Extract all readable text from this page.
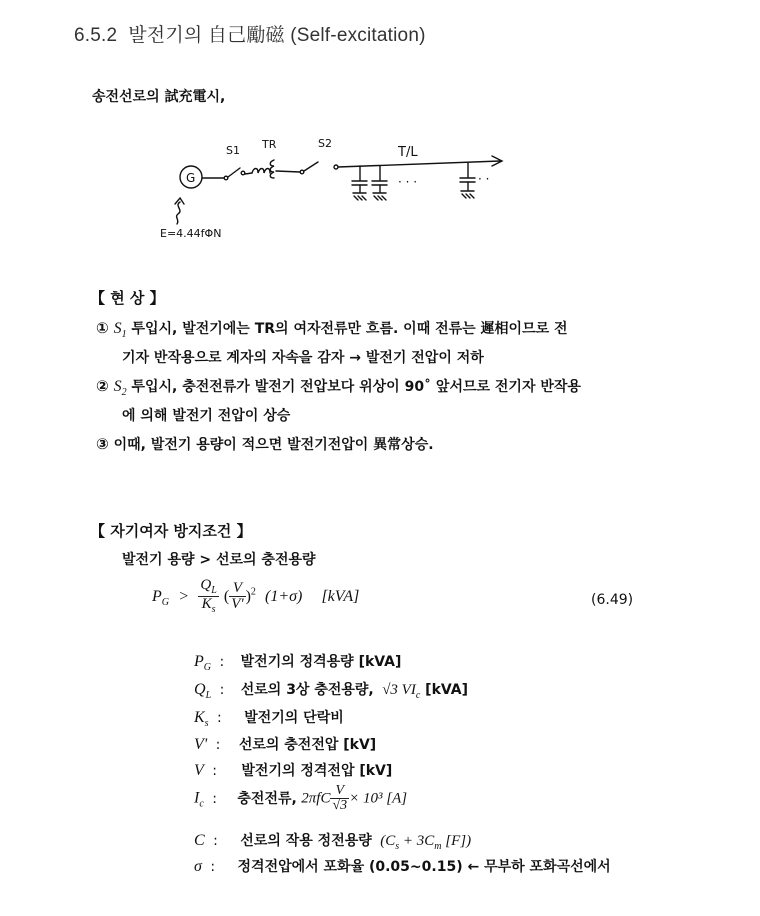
6.5.2 발전기의 自己勵磁 (Self-excitation)
송전선로의 試充電시,
S1 TR	S2
T/L
G
E=4.44fΦN
· · ·	· ·
【 현 상 】
① $S_1$ 투입시, 발전기에는 TR의 여자전류만 흐름. 이때 전류는 遲相이므로 전
기자 반작용으로 계자의 자속을 감자 → 발전기 전압이 저하
② $S_2$ 투입시, 충전전류가 발전기 전압보다 위상이 90˚ 앞서므로 전기자 반작용
에 의해 발전기 전압이 상승
③ 이때, 발전기 용량이 적으면 발전기전압이 異常상승.
【 자기여자 방지조건 】
발전기 용량 > 선로의 충전용량
$P_G > \frac{Q_L}{K_s}$ ( $\frac{V}{V'} )^2$ (1+σ) [kVA]	(6.49)
$P_G$ : 발전기의 정격용량 [kVA]
$Q_L$ : 선로의 3상 충전용량, √3 $VI_c$ [kVA]
$K_s$ : 발전기의 단락비
V' : 선로의 충전전압 [kV]
V : 발전기의 정격전압 [kV]
$I_c$ : 충전전류, $2\pi fC \frac{V}{√3} \times 10^3$ [A]
C : 선로의 작용 정전용량 ($C_s + 3C_m$ [F])
σ : 정격전압에서 포화율 (0.05~0.15) ← 무부하 포화곡선에서
